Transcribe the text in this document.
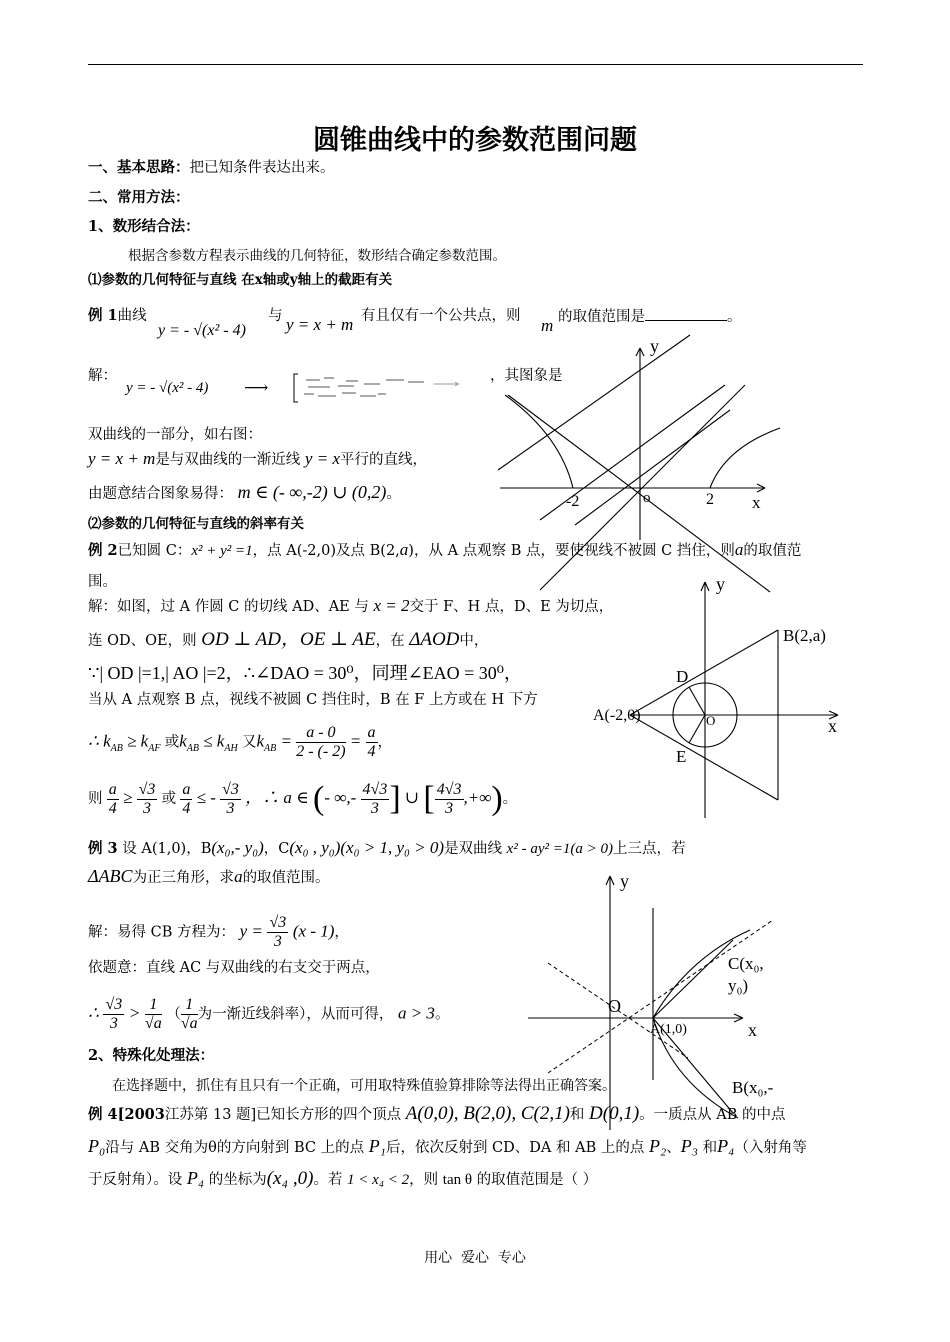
圆锥曲线中的参数范围问题
一、基本思路：把已知条件表达出来。
二、常用方法：
1、数形结合法：
根据含参数方程表示曲线的几何特征，数形结合确定参数范围。
⑴参数的几何特征与直线 在x轴或y轴上的截距有关
例 1曲线
y = - √(x² - 4)
与 y = x + m 有且仅有一个公共点，则 m 的取值范围是	。
解：
y = - √(x² - 4) ⟶
，其图象是
双曲线的一部分，如右图：
y = x + m是与双曲线的一渐近线 y = x平行的直线，
由题意结合图象易得： m ∈ (- ∞,-2) ∪ (0,2)。
y
x
o
-2	2
⑵参数的几何特征与直线的斜率有关
例 2已知圆 C：x² + y² =1，点 A(-2,0)及点 B(2,a)，从 A 点观察 B 点，要使视线不被圆 C 挡住，则a的取值范
围。
解：如图，过 A 作圆 C 的切线 AD、AE 与 x = 2交于 F、H 点，D、E 为切点，
连 OD、OE，则 OD ⊥ AD，OE ⊥ AE，在 ΔAOD中，
∵| OD |=1,| AO |=2，∴∠DAO = 30⁰，同理∠EAO = 30⁰，
当从 A 点观察 B 点，视线不被圆 C 挡住时，B 在 F 上方或在 H 下方
∴ $k_{AB} \ge k_{AF}$ 或$k_{AB} \le k_{AH}$ 又$k_{AB} = \frac{a - 0}{2 - (- 2)} = \frac{a}{4}$ ，
则 $\frac{a}{4} \ge \frac{√3}{3}$ 或 $\frac{a}{4}$ ≤ - $\frac{√3}{3}$ ，∴ a ∈ (- ∞,- $\frac{4√3}{3}$ ] ∪ [ $\frac{4√3}{3}$ ,+∞)。
y
x
B(2,a)
D
A(-2,0)	O
E
例 3 设 A(1,0)，B(x₀,- y₀)，C(x₀ , y₀)(x₀ > 1, y₀ > 0)是双曲线 x² - ay² =1(a > 0)上三点，若
ΔABC为正三角形，求a的取值范围。
解：易得 CB 方程为： $y = \frac{√3}{3} (x - 1)$，
依题意：直线 AC 与双曲线的右支交于两点，
∴ $\frac{√3}{3} > \frac{1}{√a}$ （ $\frac{1}{√a}$ 为一渐近线斜率），从而可得， a > 3。
y
x
O
A(1,0)
C(x₀,
y₀)
B(x₀,-
2、特殊化处理法：
在选择题中，抓住有且只有一个正确，可用取特殊值验算排除等法得出正确答案。
例 4[2003江苏第 13 题]已知长方形的四个顶点 A(0,0), B(2,0), C(2,1)和 D(0,1)。一质点从 AB 的中点
P₀沿与 AB 交角为θ的方向射到 BC 上的点 P₁后，依次反射到 CD、DA 和 AB 上的点 P₂、P₃ 和P₄（入射角等
于反射角）。设 P₄ 的坐标为(x₄ ,0)。若 1 < x₄ < 2，则 tan θ 的取值范围是（ ）
用心  爱心  专心
